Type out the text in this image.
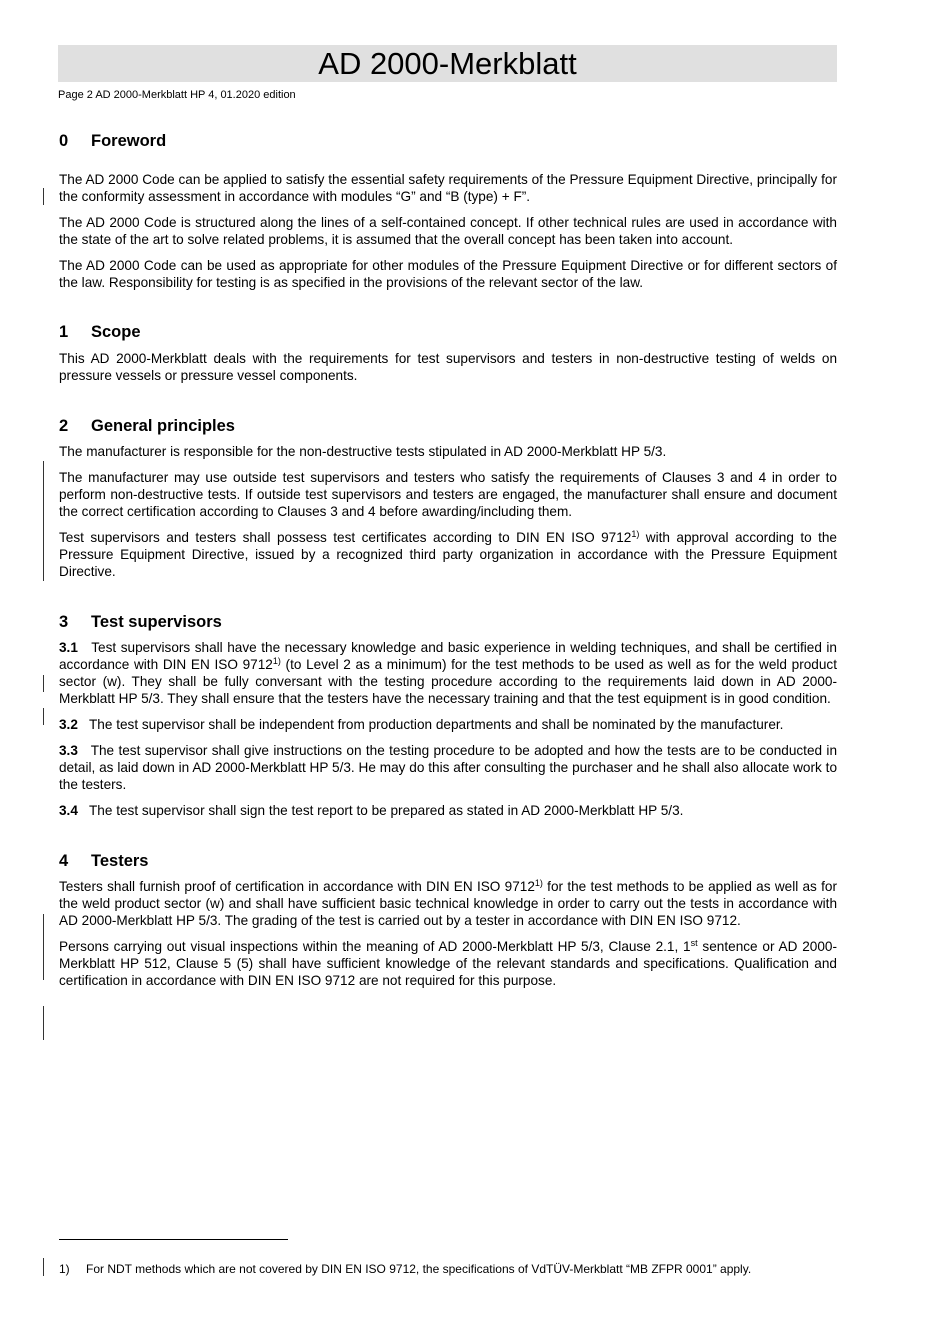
AD 2000-Merkblatt
Page 2 AD 2000-Merkblatt HP 4, 01.2020 edition
0 Foreword

The AD 2000 Code can be applied to satisfy the essential safety requirements of the Pressure Equipment Directive, principally for the conformity assessment in accordance with modules “G” and “B (type) + F”.

The AD 2000 Code is structured along the lines of a self-contained concept. If other technical rules are used in accordance with the state of the art to solve related problems, it is assumed that the overall concept has been taken into account.

The AD 2000 Code can be used as appropriate for other modules of the Pressure Equipment Directive or for different sectors of the law. Responsibility for testing is as specified in the provisions of the relevant sector of the law.

1 Scope

This AD 2000-Merkblatt deals with the requirements for test supervisors and testers in non-destructive testing of welds on pressure vessels or pressure vessel components.

2 General principles

The manufacturer is responsible for the non-destructive tests stipulated in AD 2000-Merkblatt HP 5/3.

The manufacturer may use outside test supervisors and testers who satisfy the requirements of Clauses 3 and 4 in order to perform non-destructive tests. If outside test supervisors and testers are engaged, the manufacturer shall ensure and document the correct certification according to Clauses 3 and 4 before awarding/including them.

Test supervisors and testers shall possess test certificates according to DIN EN ISO 9712$^{1)}$ with approval according to the Pressure Equipment Directive, issued by a recognized third party organization in accordance with the Pressure Equipment Directive.

3 Test supervisors

3.1 Test supervisors shall have the necessary knowledge and basic experience in welding techniques, and shall be certified in accordance with DIN EN ISO 9712$^{1)}$ (to Level 2 as a minimum) for the test methods to be used as well as for the weld product sector (w). They shall be fully conversant with the testing procedure according to the requirements laid down in AD 2000-Merkblatt HP 5/3. They shall ensure that the testers have the necessary training and that the test equipment is in good condition.

3.2 The test supervisor shall be independent from production departments and shall be nominated by the manufacturer.

3.3 The test supervisor shall give instructions on the testing procedure to be adopted and how the tests are to be conducted in detail, as laid down in AD 2000-Merkblatt HP 5/3. He may do this after consulting the purchaser and he shall also allocate work to the testers.

3.4 The test supervisor shall sign the test report to be prepared as stated in AD 2000-Merkblatt HP 5/3.

4 Testers

Testers shall furnish proof of certification in accordance with DIN EN ISO 9712$^{1)}$ for the test methods to be applied as well as for the weld product sector (w) and shall have sufficient basic technical knowledge in order to carry out the tests in accordance with AD 2000-Merkblatt HP 5/3. The grading of the test is carried out by a tester in accordance with DIN EN ISO 9712.

Persons carrying out visual inspections within the meaning of AD 2000-Merkblatt HP 5/3, Clause 2.1, 1st sentence or AD 2000-Merkblatt HP 512, Clause 5 (5) shall have sufficient knowledge of the relevant standards and specifications. Qualification and certification in accordance with DIN EN ISO 9712 are not required for this purpose.

1) For NDT methods which are not covered by DIN EN ISO 9712, the specifications of VdTÜV-Merkblatt “MB ZFPR 0001” apply.
